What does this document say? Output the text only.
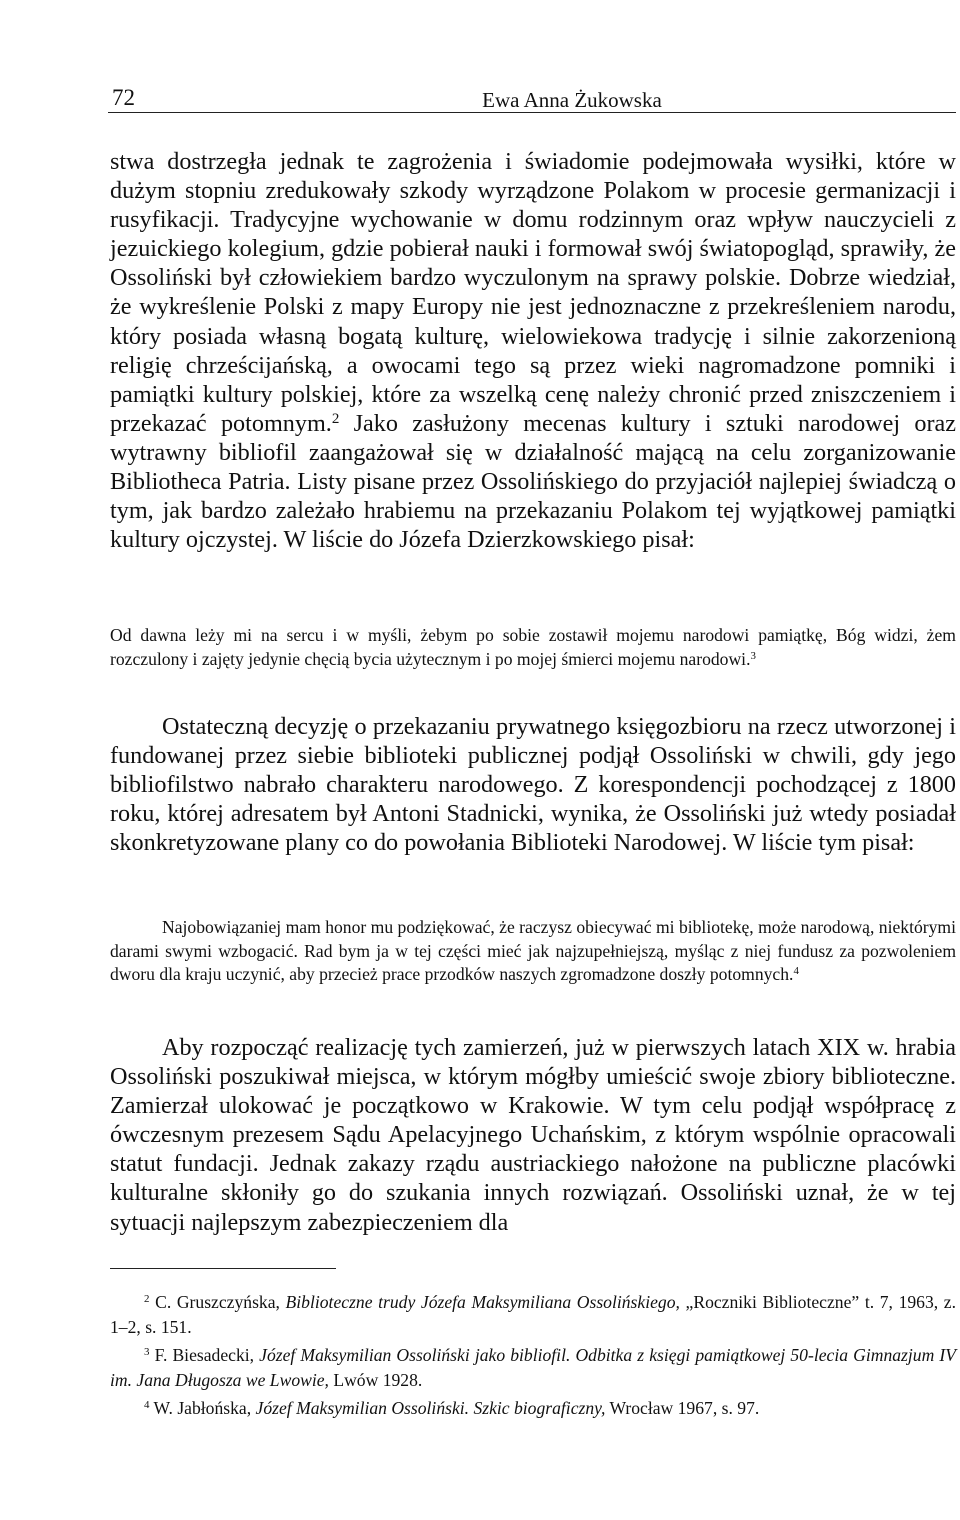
72	Ewa Anna Żukowska

stwa dostrzegła jednak te zagrożenia i świadomie podejmowała wysiłki, które w dużym stopniu zredukowały szkody wyrządzone Polakom w procesie germanizacji i rusyfikacji. Tradycyjne wychowanie w domu rodzinnym oraz wpływ nauczycieli z jezuickiego kolegium, gdzie pobierał nauki i formował swój światopogląd, sprawiły, że Ossoliński był człowiekiem bardzo wyczulonym na sprawy polskie. Dobrze wiedział, że wykreślenie Polski z mapy Europy nie jest jednoznaczne z przekreśleniem narodu, który posiada własną bogatą kulturę, wielowiekowa tradycję i silnie zakorzenioną religię chrześcijańską, a owocami tego są przez wieki nagromadzone pomniki i pamiątki kultury polskiej, które za wszelką cenę należy chronić przed zniszczeniem i przekazać potomnym.$^2$ Jako zasłużony mecenas kultury i sztuki narodowej oraz wytrawny bibliofil zaangażował się w działalność mającą na celu zorganizowanie Bibliotheca Patria. Listy pisane przez Ossolińskiego do przyjaciół najlepiej świadczą o tym, jak bardzo zależało hrabiemu na przekazaniu Polakom tej wyjątkowej pamiątki kultury ojczystej. W liście do Józefa Dzierzkowskiego pisał:

Od dawna leży mi na sercu i w myśli, żebym po sobie zostawił mojemu narodowi pamiątkę, Bóg widzi, żem rozczulony i zajęty jedynie chęcią bycia użytecznym i po mojej śmierci mojemu narodowi.$^3$

Ostateczną decyzję o przekazaniu prywatnego księgozbioru na rzecz utworzonej i fundowanej przez siebie biblioteki publicznej podjął Ossoliński w chwili, gdy jego bibliofilstwo nabrało charakteru narodowego. Z korespondencji pochodzącej z 1800 roku, której adresatem był Antoni Stadnicki, wynika, że Ossoliński już wtedy posiadał skonkretyzowane plany co do powołania Biblioteki Narodowej. W liście tym pisał:

Najobowiązaniej mam honor mu podziękować, że raczysz obiecywać mi bibliotekę, może narodową, niektórymi darami swymi wzbogacić. Rad bym ja w tej części mieć jak najzupełniejszą, myśląc z niej fundusz za pozwoleniem dworu dla kraju uczynić, aby przecież prace przodków naszych zgromadzone doszły potomnych.$^4$

Aby rozpocząć realizację tych zamierzeń, już w pierwszych latach XIX w. hrabia Ossoliński poszukiwał miejsca, w którym mógłby umieścić swoje zbiory biblioteczne. Zamierzał ulokować je początkowo w Krakowie. W tym celu podjął współpracę z ówczesnym prezesem Sądu Apelacyjnego Uchańskim, z którym wspólnie opracowali statut fundacji. Jednak zakazy rządu austriackiego nałożone na publiczne placówki kulturalne skłoniły go do szukania innych rozwiązań. Ossoliński uznał, że w tej sytuacji najlepszym zabezpieczeniem dla

$^2$ C. Gruszczyńska, Biblioteczne trudy Józefa Maksymiliana Ossolińskiego, „Roczniki Biblioteczne” t. 7, 1963, z. 1–2, s. 151.

$^3$ F. Biesadecki, Józef Maksymilian Ossoliński jako bibliofil. Odbitka z księgi pamiątkowej 50-lecia Gimnazjum IV im. Jana Długosza we Lwowie, Lwów 1928.

$^4$ W. Jabłońska, Józef Maksymilian Ossoliński. Szkic biograficzny, Wrocław 1967, s. 97.
